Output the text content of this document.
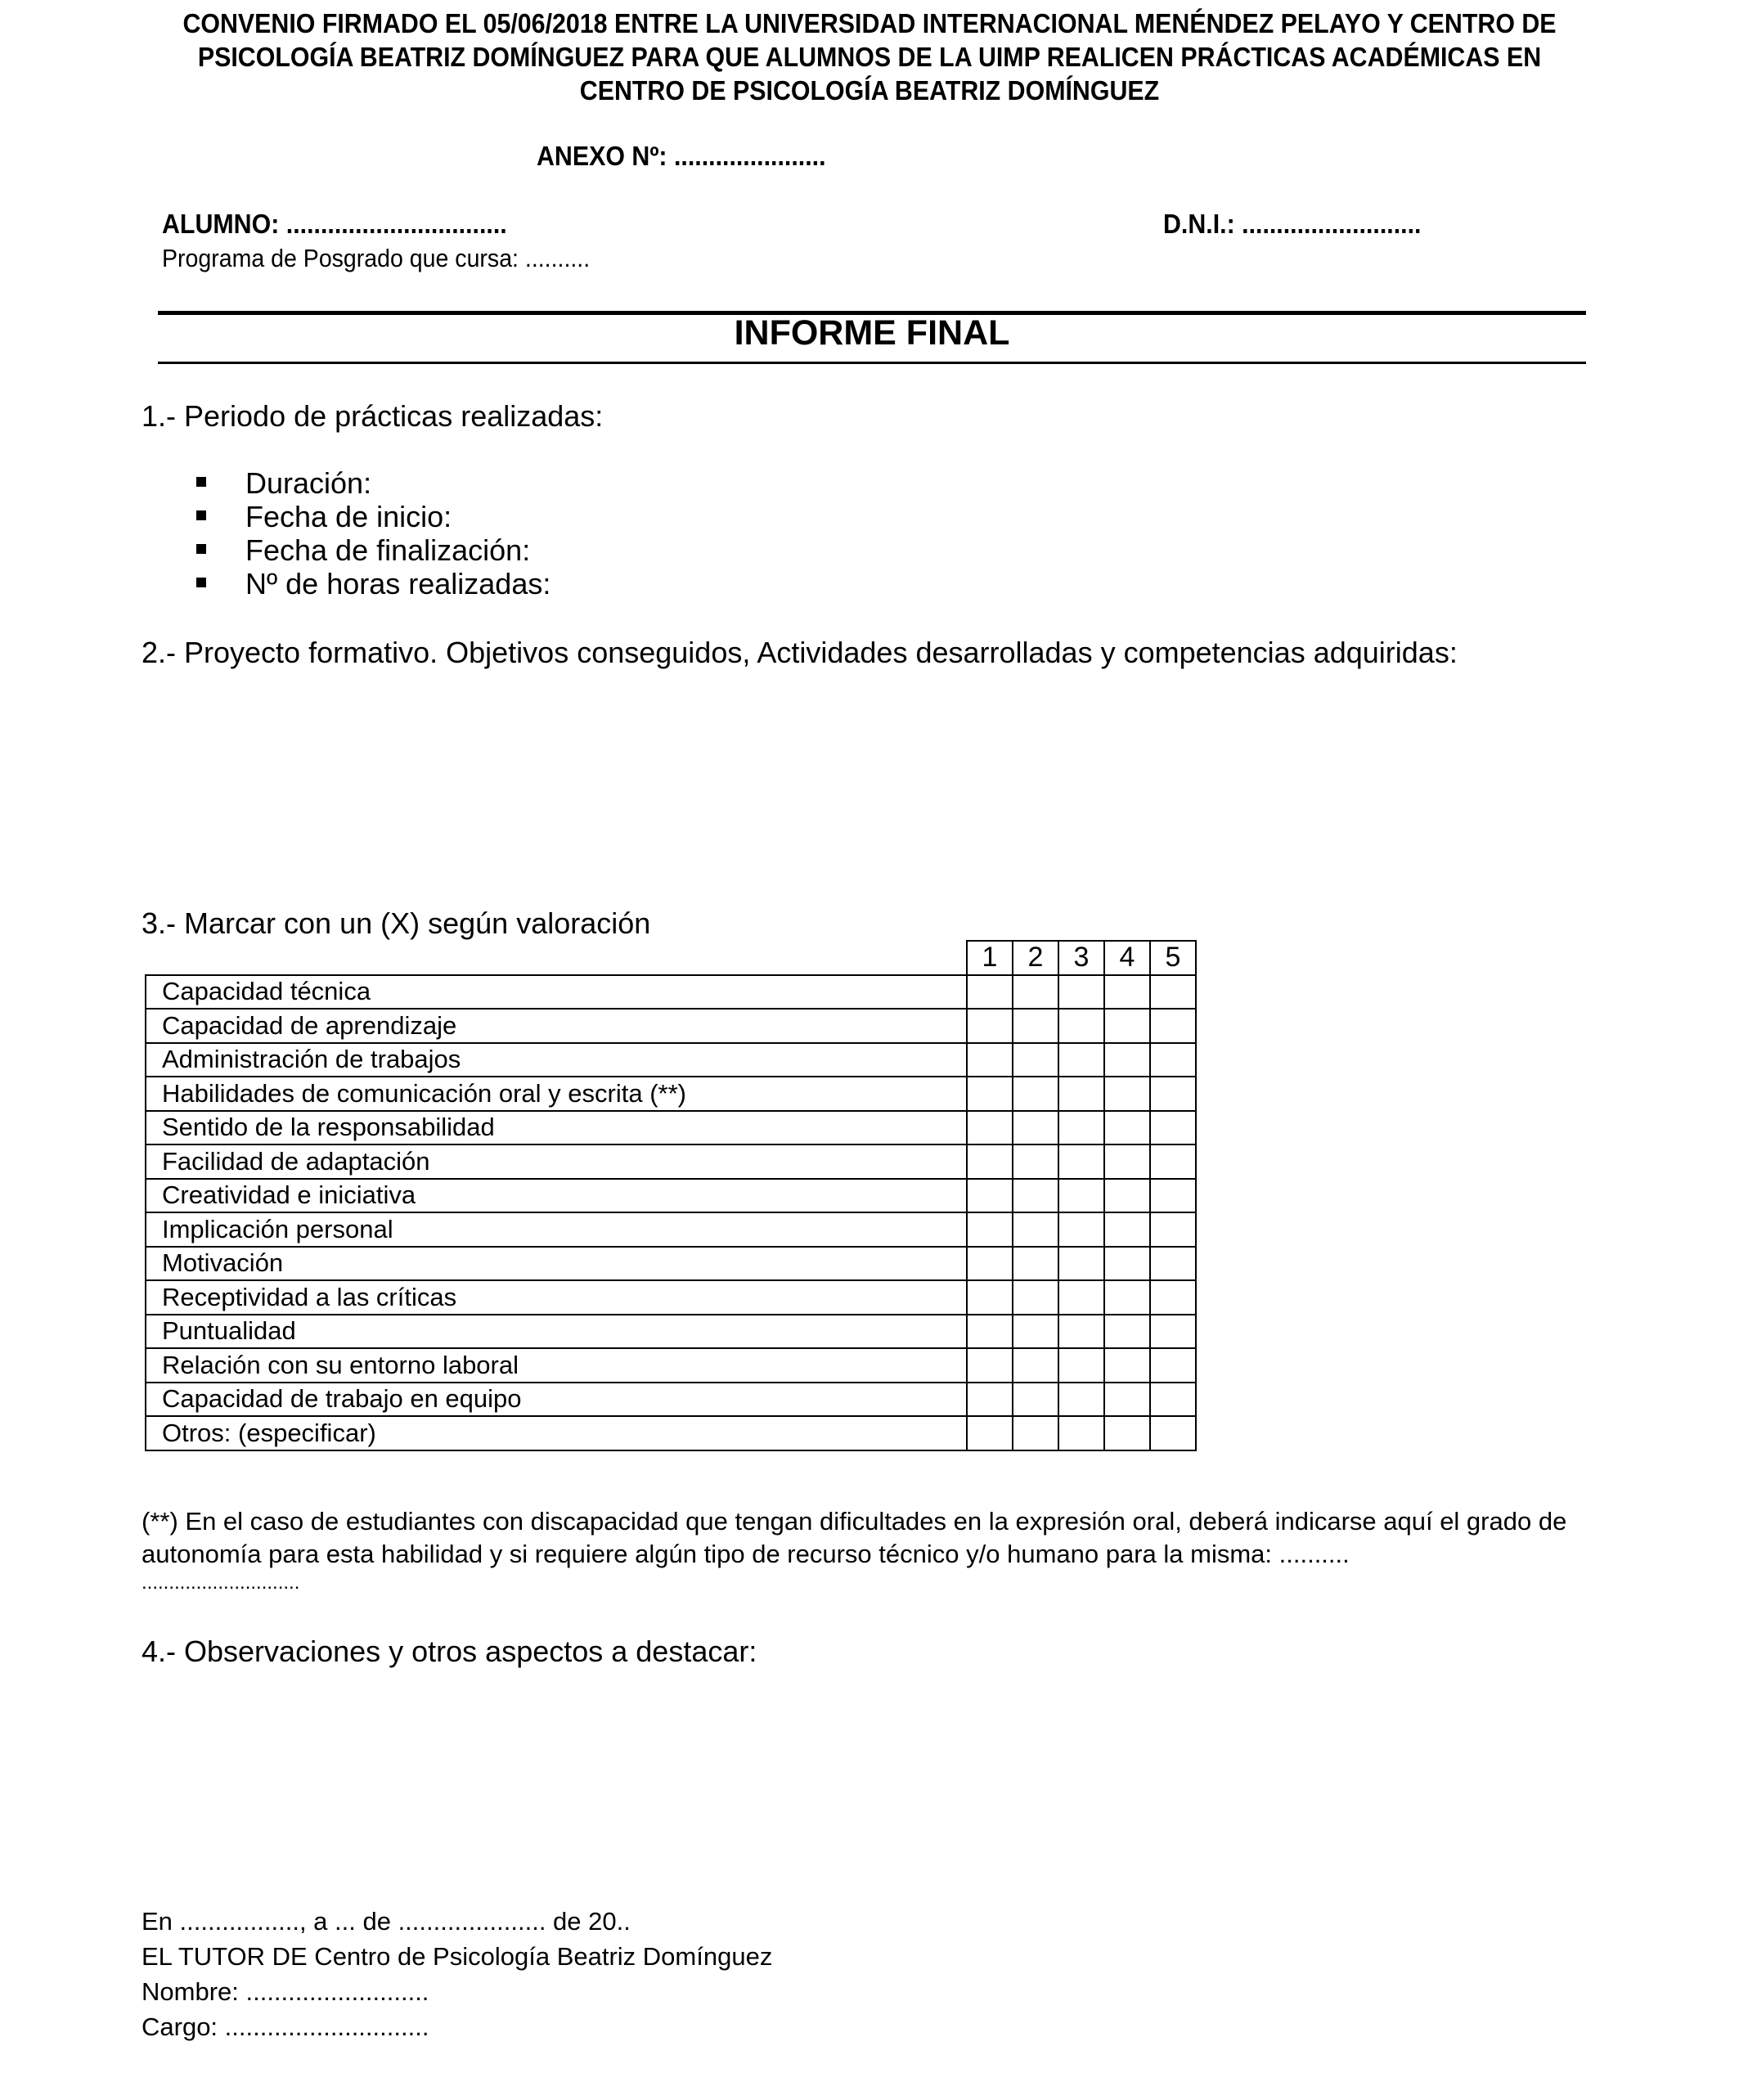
CONVENIO FIRMADO EL 05/06/2018 ENTRE LA UNIVERSIDAD INTERNACIONAL MENÉNDEZ PELAYO Y CENTRO DE
PSICOLOGÍA BEATRIZ DOMÍNGUEZ PARA QUE ALUMNOS DE LA UIMP REALICEN PRÁCTICAS ACADÉMICAS EN
CENTRO DE PSICOLOGÍA BEATRIZ DOMÍNGUEZ
ANEXO Nº: ......................
ALUMNO: ................................	D.N.I.: ..........................
Programa de Posgrado que cursa: ..........
INFORME FINAL
1.- Periodo de prácticas realizadas:
Duración:
Fecha de inicio:
Fecha de finalización:
Nº de horas realizadas:
2.- Proyecto formativo. Objetivos conseguidos, Actividades desarrolladas y competencias adquiridas:
3.- Marcar con un (X) según valoración
	1	2	3	4	5
Capacidad técnica					
Capacidad de aprendizaje					
Administración de trabajos					
Habilidades de comunicación oral y escrita (**)					
Sentido de la responsabilidad					
Facilidad de adaptación					
Creatividad e iniciativa					
Implicación personal					
Motivación					
Receptividad a las críticas					
Puntualidad					
Relación con su entorno laboral					
Capacidad de trabajo en equipo					
Otros: (especificar)					
(**) En el caso de estudiantes con discapacidad que tengan dificultades en la expresión oral, deberá indicarse aquí el grado de
autonomía para esta habilidad y si requiere algún tipo de recurso técnico y/o humano para la misma: ..........
.............................
4.- Observaciones y otros aspectos a destacar:
En ................., a ... de ..................... de 20..
EL TUTOR DE Centro de Psicología Beatriz Domínguez
Nombre: ..........................
Cargo: .............................
